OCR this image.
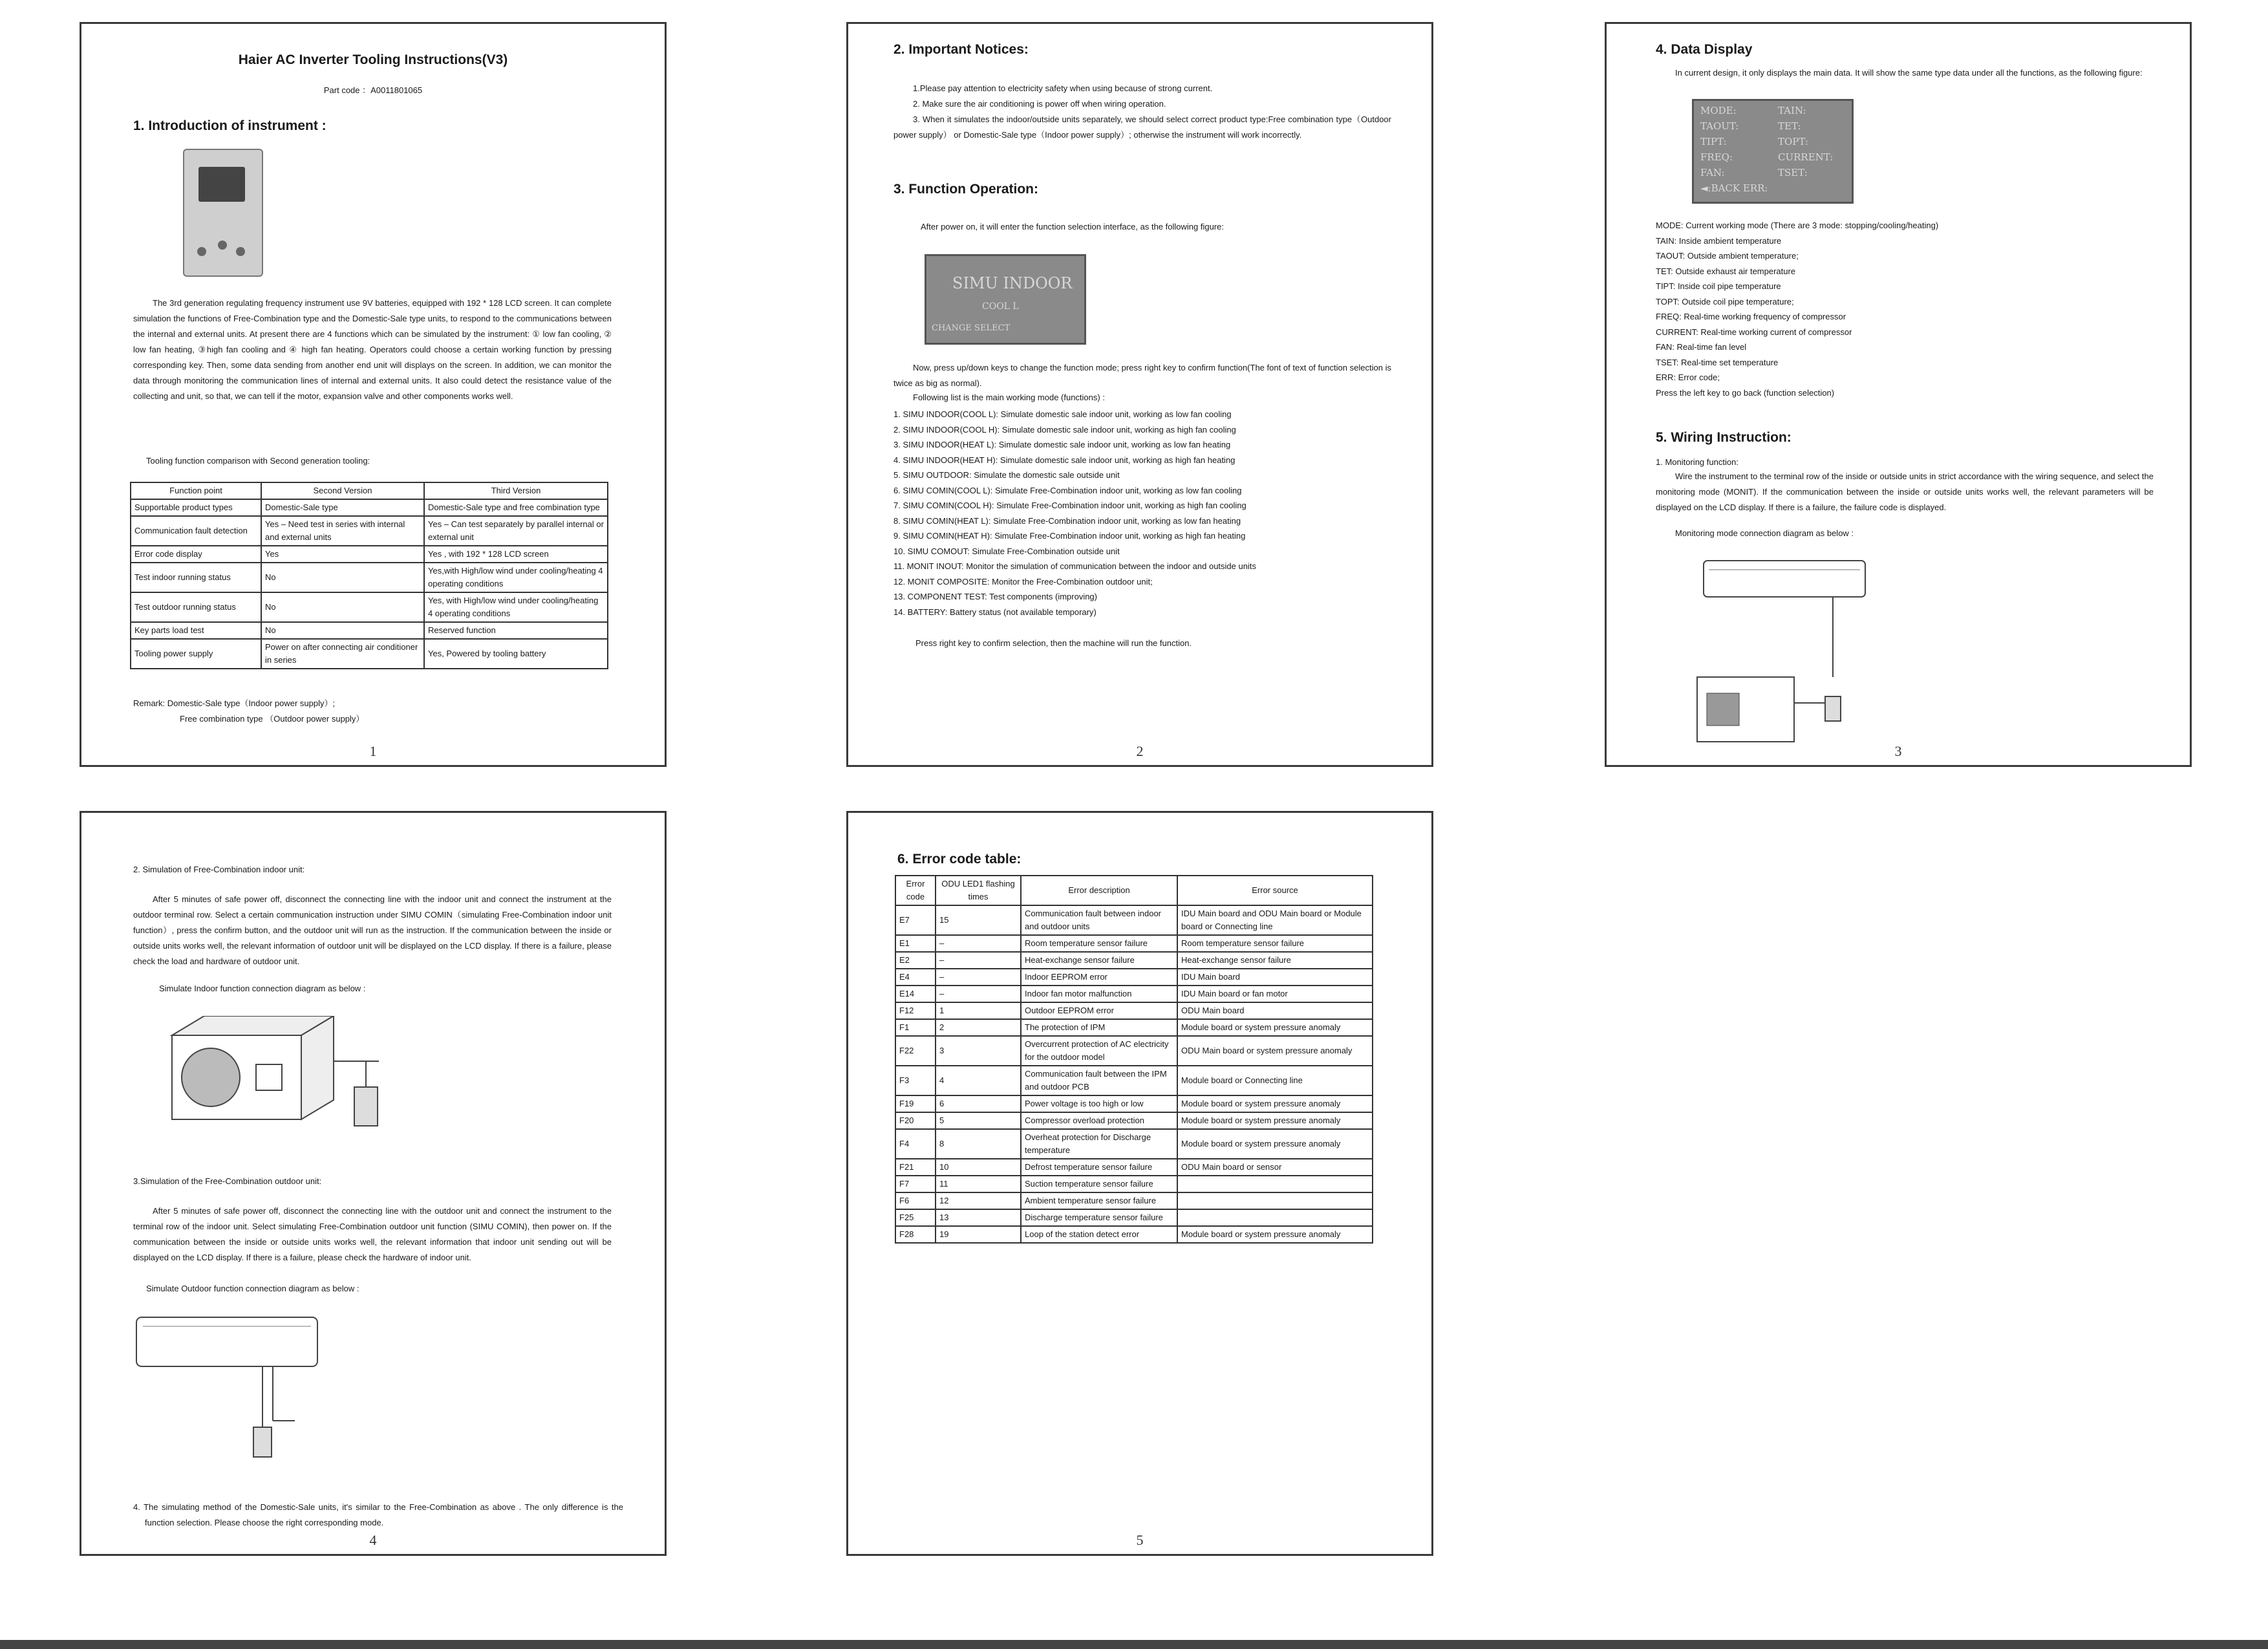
Haier AC Inverter Tooling Instructions(V3)
Part code ：A0011801065
1. Introduction of instrument :
The 3rd generation regulating frequency instrument use 9V batteries, equipped with 192 * 128 LCD screen. It can complete simulation the functions of Free-Combination type and the Domestic-Sale type units, to respond to the communications between the internal and external units. At present there are 4 functions which can be simulated by the instrument: ① low fan cooling, ② low fan heating, ③high fan cooling and ④ high fan heating. Operators could choose a certain working function by pressing corresponding key. Then, some data sending from another end unit will displays on the screen. In addition, we can monitor the data through monitoring the communication lines of internal and external units. It also could detect the resistance value of the collecting and unit, so that, we can tell if the motor, expansion valve and other components works well.
Tooling function comparison with Second generation tooling:
Function point	Second Version	Third Version
Supportable product types	Domestic-Sale type	Domestic-Sale type and free combination type
Communication fault detection	Yes – Need test in series with internal and external units	Yes – Can test separately by parallel internal or external unit
Error code display	Yes	Yes , with 192 * 128 LCD screen
Test indoor running status	No	Yes,with High/low wind under cooling/heating 4 operating conditions
Test outdoor running status	No	Yes, with High/low wind under cooling/heating 4 operating conditions
Key parts load test	No	Reserved function
Tooling power supply	Power on after connecting air conditioner in series	Yes, Powered by tooling battery
Remark: Domestic-Sale type（Indoor power supply）;
Free combination type （Outdoor power supply）
1
2. Important Notices:
1.Please pay attention to electricity safety when using because of strong current.
2. Make sure the air conditioning is power off when wiring operation.
3. When it simulates the indoor/outside units separately, we should select correct product type:Free combination type（Outdoor power supply） or Domestic-Sale type（Indoor power supply）; otherwise the instrument will work incorrectly.
3. Function Operation:
After power on, it will enter the function selection interface, as the following figure:
SIMU INDOOR
COOL L
CHANGE SELECT
Now, press up/down keys to change the function mode; press right key to confirm function(The font of text of function selection is twice as big as normal).
Following list is the main working mode (functions) :
1. SIMU INDOOR(COOL L): Simulate domestic sale indoor unit, working as low fan cooling
2. SIMU INDOOR(COOL H): Simulate domestic sale indoor unit, working as high fan cooling
3. SIMU INDOOR(HEAT L): Simulate domestic sale indoor unit, working as low fan heating
4. SIMU INDOOR(HEAT H): Simulate domestic sale indoor unit, working as high fan heating
5. SIMU OUTDOOR: Simulate the domestic sale outside unit
6. SIMU COMIN(COOL L): Simulate Free-Combination indoor unit, working as low fan cooling
7. SIMU COMIN(COOL H): Simulate Free-Combination indoor unit, working as high fan cooling
8. SIMU COMIN(HEAT L): Simulate Free-Combination indoor unit, working as low fan heating
9. SIMU COMIN(HEAT H): Simulate Free-Combination indoor unit, working as high fan heating
10. SIMU COMOUT: Simulate Free-Combination outside unit
11. MONIT INOUT: Monitor the simulation of communication between the indoor and outside units
12. MONIT COMPOSITE: Monitor the Free-Combination outdoor unit;
13. COMPONENT TEST: Test components (improving)
14. BATTERY: Battery status (not available temporary)
Press right key to confirm selection, then the machine will run the function.
2
4. Data Display
In current design, it only displays the main data. It will show the same type data under all the functions, as the following figure:
MODE:	TAIN:
TAOUT:	TET:
TIPT:	TOPT:
FREQ:	CURRENT:
FAN:	TSET:
◄:BACK ERR:
MODE: Current working mode (There are 3 mode: stopping/cooling/heating)
TAIN: Inside ambient temperature
TAOUT: Outside ambient temperature;
TET: Outside exhaust air temperature
TIPT: Inside coil pipe temperature
TOPT: Outside coil pipe temperature;
FREQ: Real-time working frequency of compressor
CURRENT: Real-time working current of compressor
FAN: Real-time fan level
TSET: Real-time set temperature
ERR: Error code;
Press the left key to go back (function selection)
5. Wiring Instruction:
1. Monitoring function:
Wire the instrument to the terminal row of the inside or outside units in strict accordance with the wiring sequence, and select the monitoring mode (MONIT). If the communication between the inside or outside units works well, the relevant parameters will be displayed on the LCD display. If there is a failure, the failure code is displayed.
Monitoring mode connection diagram as below :
3
2. Simulation of Free-Combination indoor unit:
After 5 minutes of safe power off, disconnect the connecting line with the indoor unit and connect the instrument at the outdoor terminal row. Select a certain communication instruction under SIMU COMIN（simulating Free-Combination indoor unit function）, press the confirm button, and the outdoor unit will run as the instruction. If the communication between the inside or outside units works well, the relevant information of outdoor unit will be displayed on the LCD display. If there is a failure, please check the load and hardware of outdoor unit.
Simulate Indoor function connection diagram as below :
3.Simulation of the Free-Combination outdoor unit:
After 5 minutes of safe power off, disconnect the connecting line with the outdoor unit and connect the instrument to the terminal row of the indoor unit. Select simulating Free-Combination outdoor unit function (SIMU COMIN), then power on. If the communication between the inside or outside units works well, the relevant information that indoor unit sending out will be displayed on the LCD display. If there is a failure, please check the hardware of indoor unit.
Simulate Outdoor function connection diagram as below :
4. The simulating method of the Domestic-Sale units, it's similar to the Free-Combination as above . The only difference is the function selection. Please choose the right corresponding mode.
4
6. Error code table:
Error code	ODU LED1 flashing times	Error description	Error source
E7	15	Communication fault between indoor and outdoor units	IDU Main board and ODU Main board or Module board or Connecting line
E1	–	Room temperature sensor failure	Room temperature sensor failure
E2	–	Heat-exchange sensor failure	Heat-exchange sensor failure
E4	–	Indoor EEPROM error	IDU Main board
E14	–	Indoor fan motor malfunction	IDU Main board or fan motor
F12	1	Outdoor EEPROM error	ODU Main board
F1	2	The protection of IPM	Module board or system pressure anomaly
F22	3	Overcurrent protection of AC electricity for the outdoor model	ODU Main board or system pressure anomaly
F3	4	Communication fault between the IPM and outdoor PCB	Module board or Connecting line
F19	6	Power voltage is too high or low	Module board or system pressure anomaly
F20	5	Compressor overload protection	Module board or system pressure anomaly
F4	8	Overheat protection for Discharge temperature	Module board or system pressure anomaly
F21	10	Defrost temperature sensor failure	ODU Main board or sensor
F7	11	Suction temperature sensor failure	
F6	12	Ambient temperature sensor failure	
F25	13	Discharge temperature sensor failure	
F28	19	Loop of the station detect error	Module board or system pressure anomaly
5
